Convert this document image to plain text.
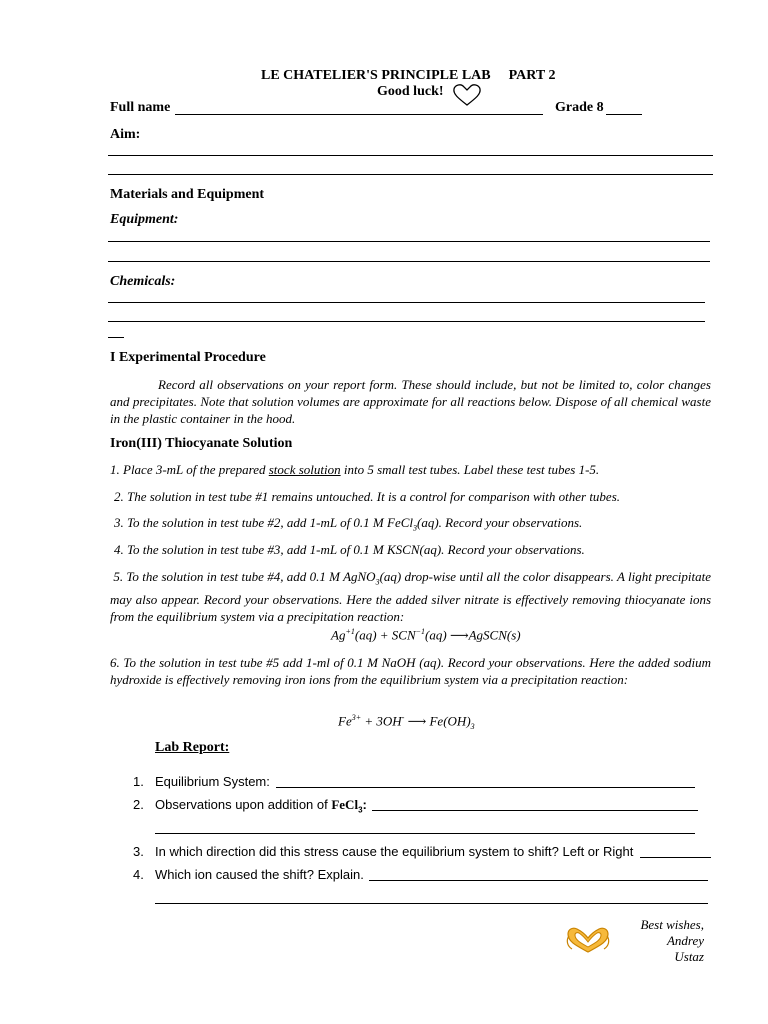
LE CHATELIER'S PRINCIPLE LAB PART 2
Good luck!
Full name	Grade 8
Aim:
Materials and Equipment
Equipment:
Chemicals:
I Experimental Procedure
Record all observations on your report form. These should include, but not be limited to, color changes and precipitates. Note that solution volumes are approximate for all reactions below. Dispose of all chemical waste in the plastic container in the hood.
Iron(III) Thiocyanate Solution
1. Place 3-mL of the prepared stock solution into 5 small test tubes. Label these test tubes 1-5.
2. The solution in test tube #1 remains untouched. It is a control for comparison with other tubes.
3. To the solution in test tube #2, add 1-mL of 0.1 M FeCl$_3$(aq). Record your observations.
4. To the solution in test tube #3, add 1-mL of 0.1 M KSCN(aq). Record your observations.
5. To the solution in test tube #4, add 0.1 M AgNO$_3$(aq) drop-wise until all the color disappears. A light precipitate may also appear. Record your observations. Here the added silver nitrate is effectively removing thiocyanate ions from the equilibrium system via a precipitation reaction:
$Ag^{+1}(aq) + SCN^{-1}(aq)$ ⟶AgSCN(s)
6. To the solution in test tube #5 add 1-ml of 0.1 M NaOH (aq). Record your observations. Here the added sodium hydroxide is effectively removing iron ions from the equilibrium system via a precipitation reaction:
$Fe^{3+} + 3OH^-$ ⟶ $Fe(OH)_3$
Lab Report:
1. Equilibrium System:
2. Observations upon addition of FeCl$_3$:
3. In which direction did this stress cause the equilibrium system to shift? Left or Right
4. Which ion caused the shift? Explain.
Best wishes,
Andrey
Ustaz
